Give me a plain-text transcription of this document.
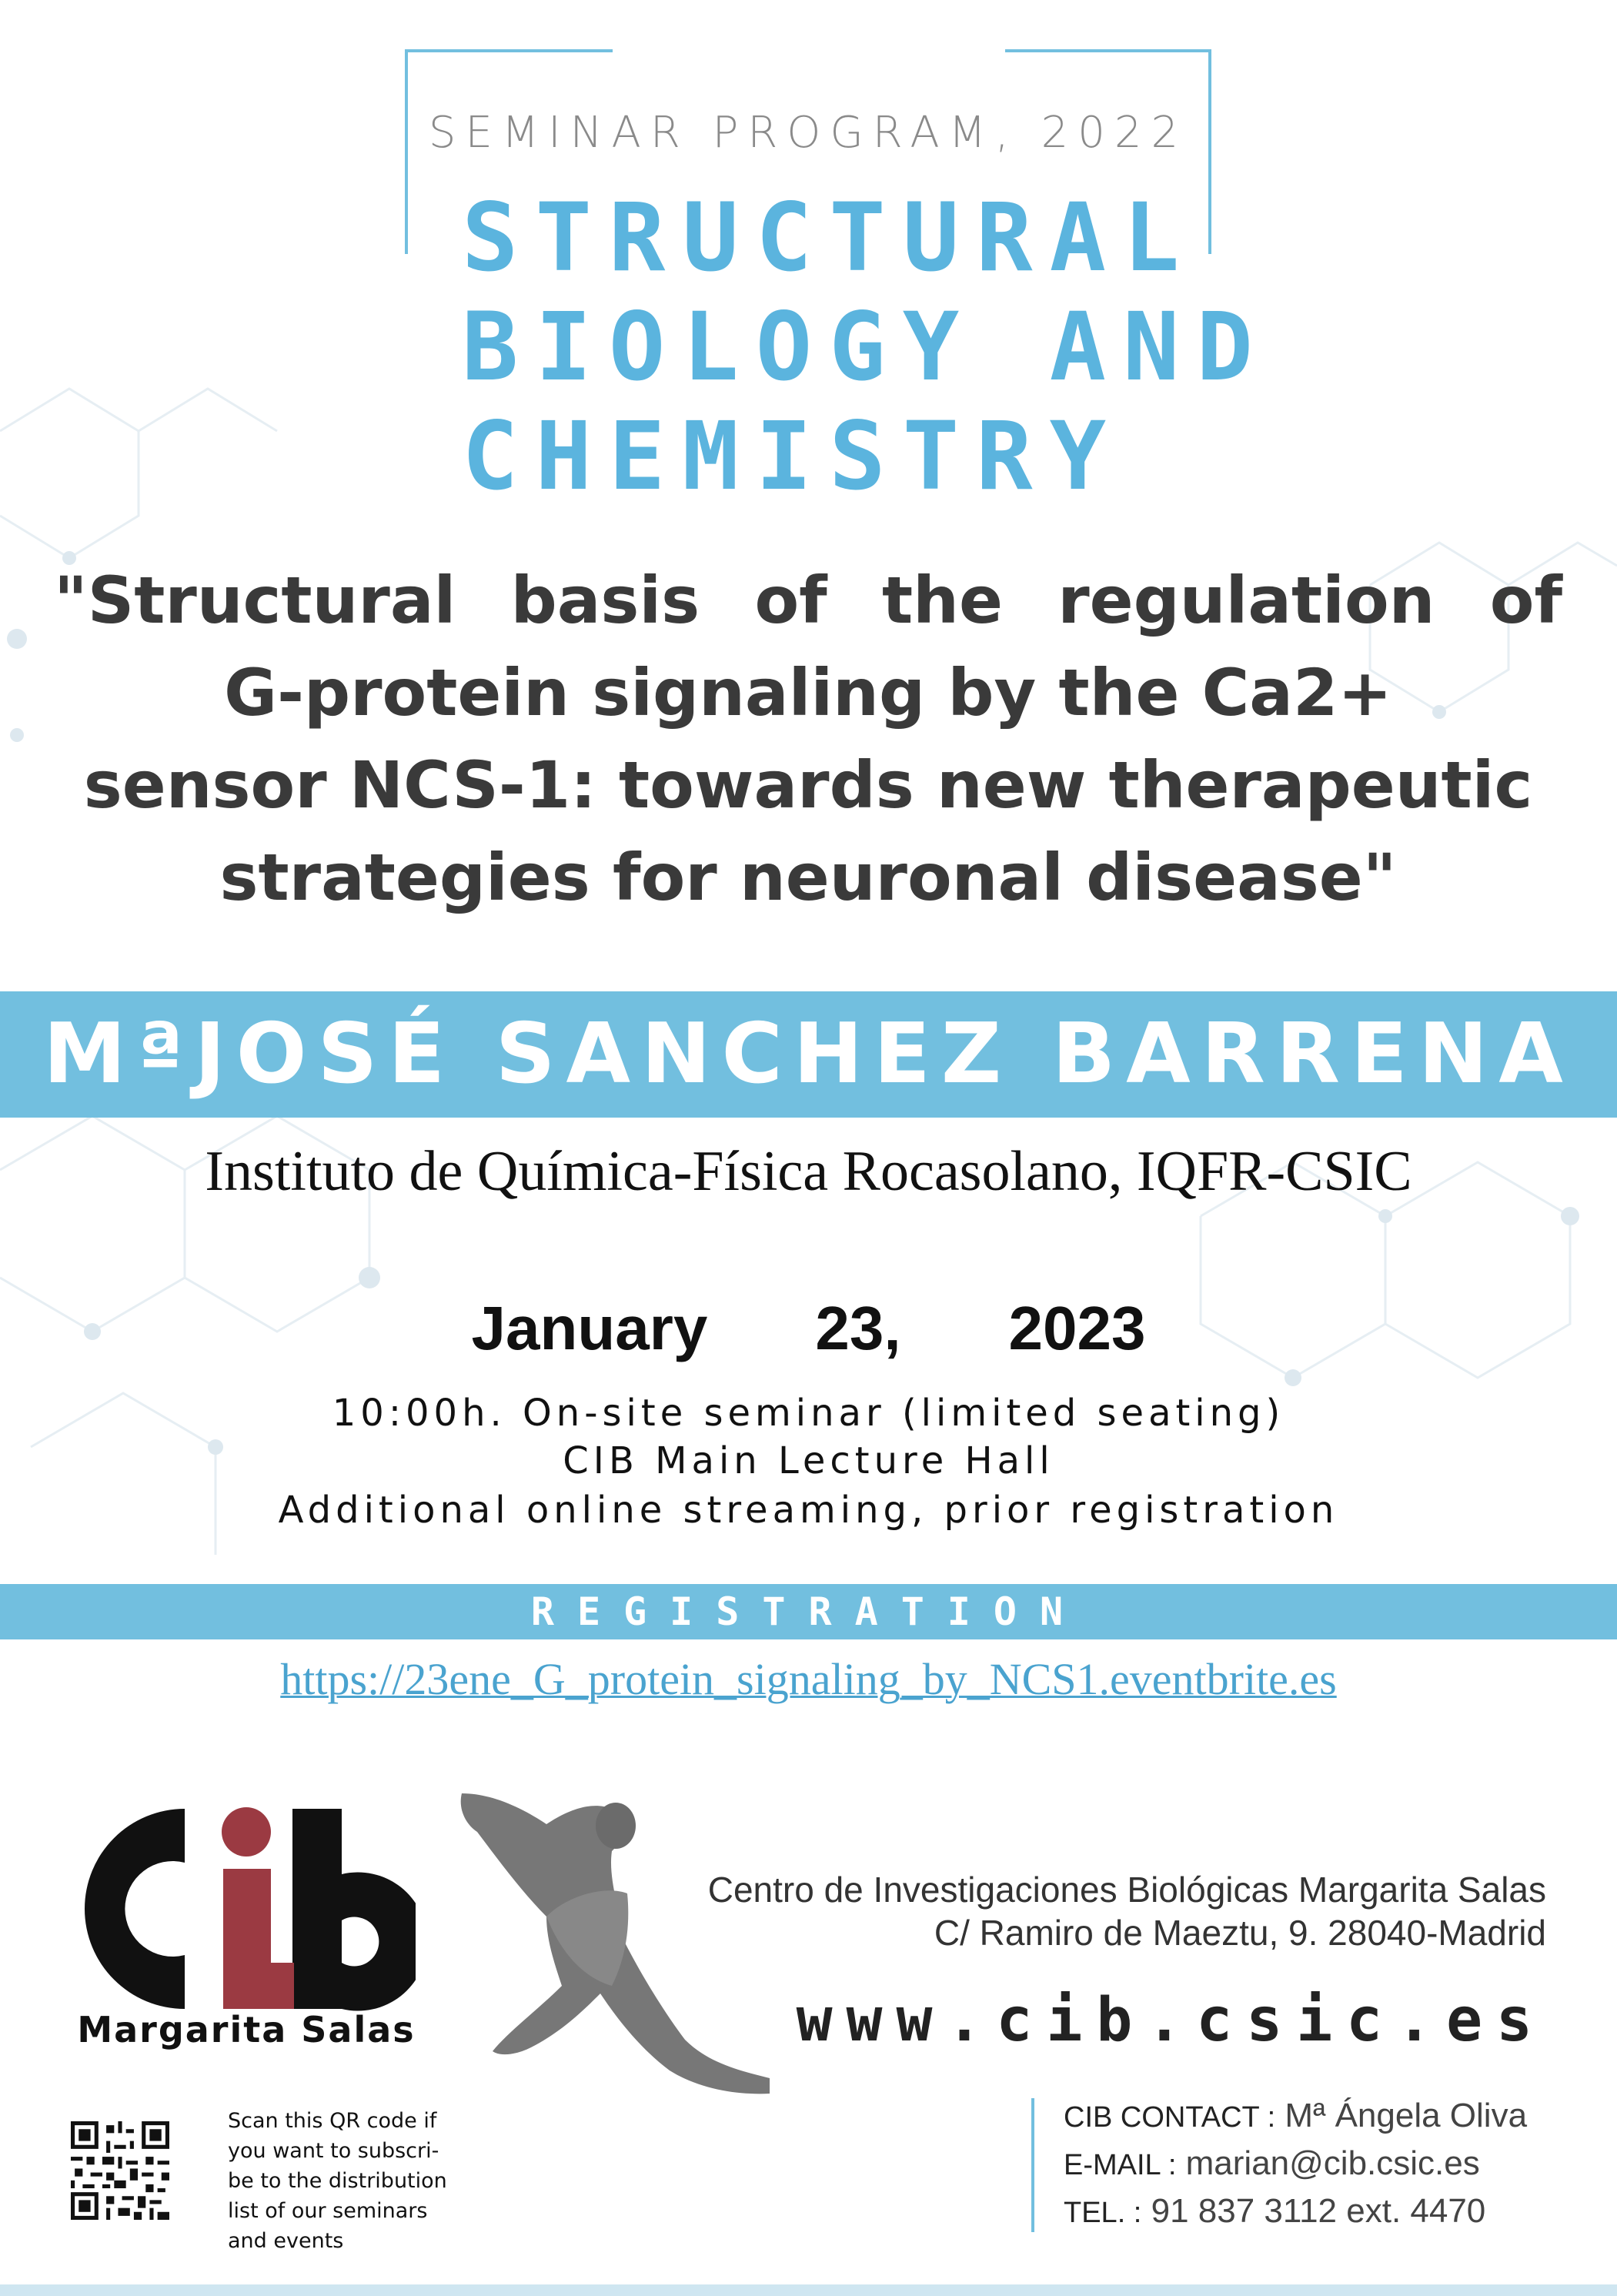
SEMINAR PROGRAM, 2022
STRUCTURAL
BIOLOGY AND
CHEMISTRY
"Structural basis of the regulation of
G-protein signaling by the Ca2+
sensor NCS-1: towards new therapeutic
strategies for neuronal disease"
MªJOSÉ SANCHEZ BARRENA
Instituto de Química-Física Rocasolano, IQFR-CSIC
January 23, 2023
10:00h. On-site seminar (limited seating)
CIB Main Lecture Hall
Additional online streaming, prior registration
REGISTRATION
https://23ene_G_protein_signaling_by_NCS1.eventbrite.es
Margarita Salas
Centro de Investigaciones Biológicas Margarita Salas
C/ Ramiro de Maeztu, 9. 28040-Madrid
www.cib.csic.es
Scan this QR code if you want to subscri-be to the distribution list of our seminars and events
CIB CONTACT : Mª Ángela Oliva
E-MAIL : marian@cib.csic.es
TEL. : 91 837 3112 ext. 4470
